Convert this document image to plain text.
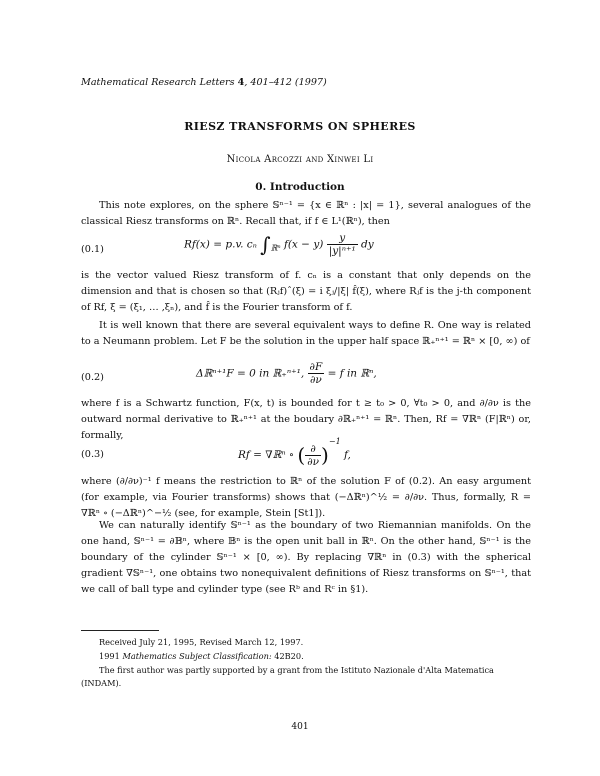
Mathematical Research Letters 4, 401–412 (1997)
RIESZ TRANSFORMS ON SPHERES
Nicola Arcozzi and Xinwei Li
0. Introduction
This note explores, on the sphere 𝕊ⁿ⁻¹ = {x ∈ ℝⁿ : |x| = 1}, several analogues of the classical Riesz transforms on ℝⁿ. Recall that, if f ∈ L¹(ℝⁿ), then
(0.1)	Rf(x) = p.v. cₙ $\int_{ℝ^n}$ $f(x - y) \frac{y}{\text{|y|ⁿ⁺¹}}$ dy
is the vector valued Riesz transform of f. cₙ is a constant that only depends on the dimension and that is chosen so that (Rⱼf)ˆ(ξ) = i ξⱼ/|ξ| f̂(ξ), where Rⱼf is the j-th component of Rf, ξ = (ξ₁, … ,ξₙ), and f̂ is the Fourier transform of f.
It is well known that there are several equivalent ways to define R. One way is related to a Neumann problem. Let F be the solution in the upper half space ℝ₊ⁿ⁺¹ = ℝⁿ × [0, ∞) of
(0.2)	Δℝⁿ⁺¹F = 0 in ℝ₊ⁿ⁺¹, $\frac{\partial F}{\partial\nu} = f$ in ℝⁿ,
where f is a Schwartz function, F(x, t) is bounded for t ≥ t₀ > 0, ∀t₀ > 0, and ∂/∂ν is the outward normal derivative to ℝ₊ⁿ⁺¹ at the boudary ∂ℝ₊ⁿ⁺¹ = ℝⁿ. Then, Rf = ∇ℝⁿ (F|ℝⁿ) or, formally,
(0.3)	Rf = ∇ℝⁿ ∘ ( $\frac{\partial}{\partial\nu} )^{-1}$ f,
where (∂/∂ν)⁻¹ f means the restriction to ℝⁿ of the solution F of (0.2). An easy argument (for example, via Fourier transforms) shows that (−Δℝⁿ)^½ = ∂/∂ν. Thus, formally, R = ∇ℝⁿ ∘ (−Δℝⁿ)^−½ (see, for example, Stein [St1]).
We can naturally identify 𝕊ⁿ⁻¹ as the boundary of two Riemannian manifolds. On the one hand, 𝕊ⁿ⁻¹ = ∂𝔹ⁿ, where 𝔹ⁿ is the open unit ball in ℝⁿ. On the other hand, 𝕊ⁿ⁻¹ is the boundary of the cylinder 𝕊ⁿ⁻¹ × [0, ∞). By replacing ∇ℝⁿ in (0.3) with the spherical gradient ∇𝕊ⁿ⁻¹, one obtains two nonequivalent definitions of Riesz transforms on 𝕊ⁿ⁻¹, that we call of ball type and cylinder type (see Rᵇ and Rᶜ in §1).
Received July 21, 1995, Revised March 12, 1997.
1991 Mathematics Subject Classification: 42B20.
The first author was partly supported by a grant from the Istituto Nazionale d'Alta Matematica (INDAM).
401
